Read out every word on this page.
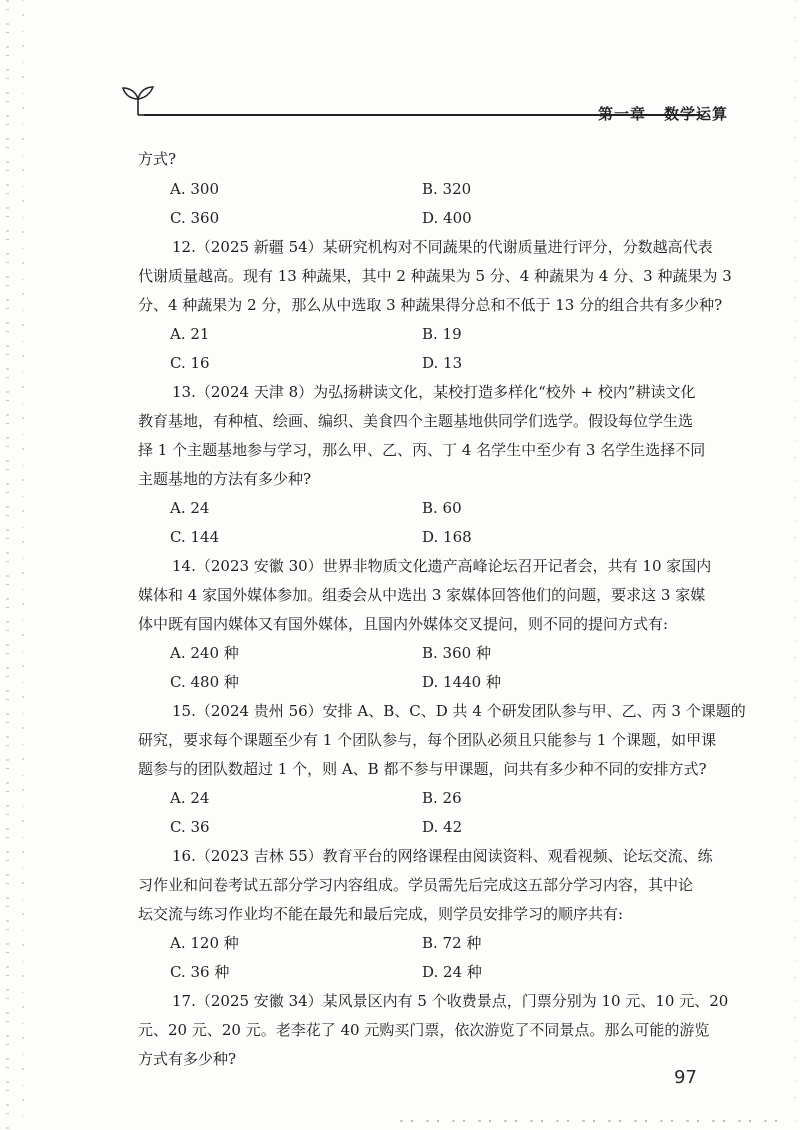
第一章 数学运算
方式?
A. 300	B. 320
C. 360	D. 400
12.（2025 新疆 54）某研究机构对不同蔬果的代谢质量进行评分，分数越高代表
代谢质量越高。现有 13 种蔬果，其中 2 种蔬果为 5 分、4 种蔬果为 4 分、3 种蔬果为 3
分、4 种蔬果为 2 分，那么从中选取 3 种蔬果得分总和不低于 13 分的组合共有多少种?
A. 21	B. 19
C. 16	D. 13
13.（2024 天津 8）为弘扬耕读文化，某校打造多样化“校外 + 校内”耕读文化
教育基地，有种植、绘画、编织、美食四个主题基地供同学们选学。假设每位学生选
择 1 个主题基地参与学习，那么甲、乙、丙、丁 4 名学生中至少有 3 名学生选择不同
主题基地的方法有多少种?
A. 24	B. 60
C. 144	D. 168
14.（2023 安徽 30）世界非物质文化遗产高峰论坛召开记者会，共有 10 家国内
媒体和 4 家国外媒体参加。组委会从中选出 3 家媒体回答他们的问题，要求这 3 家媒
体中既有国内媒体又有国外媒体，且国内外媒体交叉提问，则不同的提问方式有:
A. 240 种	B. 360 种
C. 480 种	D. 1440 种
15.（2024 贵州 56）安排 A、B、C、D 共 4 个研发团队参与甲、乙、丙 3 个课题的
研究，要求每个课题至少有 1 个团队参与，每个团队必须且只能参与 1 个课题，如甲课
题参与的团队数超过 1 个，则 A、B 都不参与甲课题，问共有多少种不同的安排方式?
A. 24	B. 26
C. 36	D. 42
16.（2023 吉林 55）教育平台的网络课程由阅读资料、观看视频、论坛交流、练
习作业和问卷考试五部分学习内容组成。学员需先后完成这五部分学习内容，其中论
坛交流与练习作业均不能在最先和最后完成，则学员安排学习的顺序共有:
A. 120 种	B. 72 种
C. 36 种	D. 24 种
17.（2025 安徽 34）某风景区内有 5 个收费景点，门票分别为 10 元、10 元、20
元、20 元、20 元。老李花了 40 元购买门票，依次游览了不同景点。那么可能的游览
方式有多少种?
97
